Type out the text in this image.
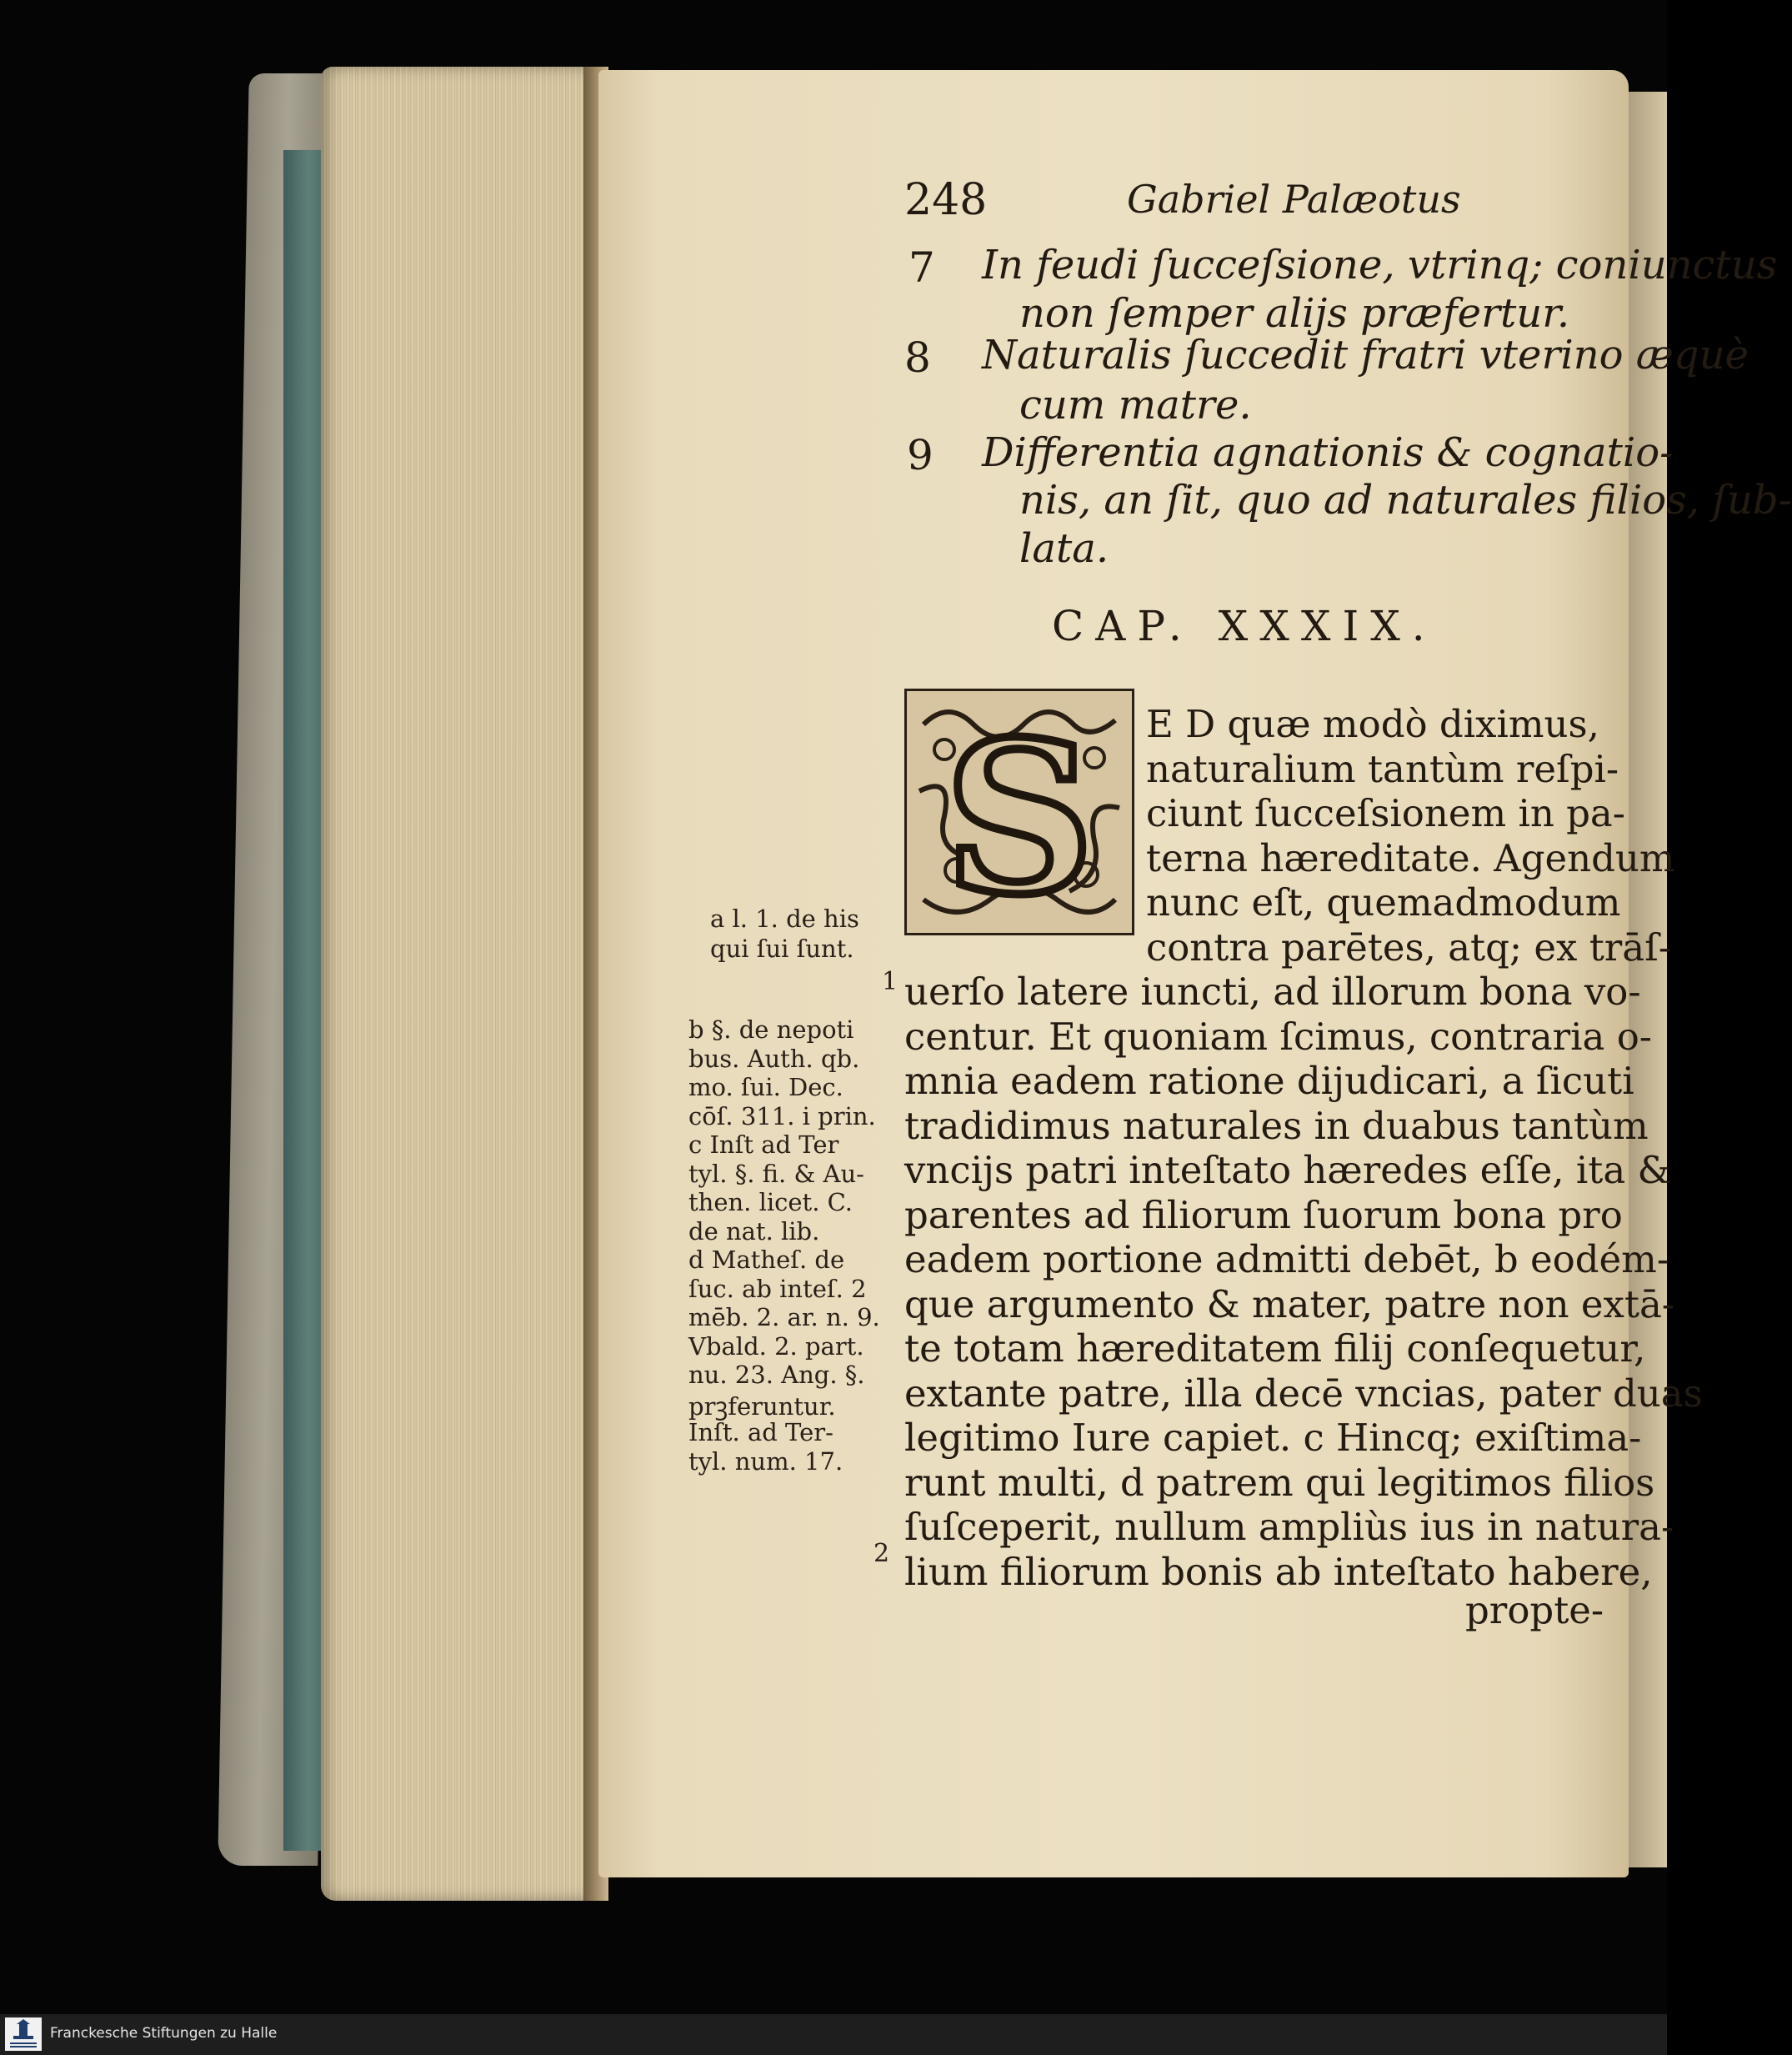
248	Gabriel Palæotus
7 In feudi ſucceſsione, vtrinq; coniunctus
non ſemper alijs præfertur.
8 Naturalis ſuccedit fratri vterino æquè
cum matre.
9 Differentia agnationis & cognatio-
nis, an ſit, quo ad naturales filios, ſub-
lata.
CAP. XXXIX.
S E D quæ modò diximus,
naturalium tantùm reſpi-
ciunt ſucceſsionem in pa-
terna hæreditate. Agendum
nunc eſt, quemadmodum
contra parētes, atq; ex trāſ-
uerſo latere iuncti, ad illorum bona vo-
centur. Et quoniam ſcimus, contraria o-
mnia eadem ratione dijudicari, a ſicuti
tradidimus naturales in duabus tantùm
vncijs patri inteſtato hæredes eſſe, ita &
parentes ad filiorum ſuorum bona pro
eadem portione admitti debēt, b eodém-
que argumento & mater, patre non extā-
te totam hæreditatem filij conſequetur,
extante patre, illa decē vncias, pater duas
legitimo Iure capiet. c Hincq; exiſtima-
runt multi, d patrem qui legitimos filios
ſuſceperit, nullum ampliùs ius in natura-
lium filiorum bonis ab inteſtato habere,
propte-
1
2
a l. 1. de his
qui ſui ſunt.
b §. de nepoti
bus. Auth. qb.
mo. ſui. Dec.
cōſ. 311. i prin.
c Inſt ad Ter
tyl. §. fi. & Au-
then. licet. C.
de nat. lib.
d Matheſ. de
ſuc. ab inteſ. 2
mēb. 2. ar. n. 9.
Vbald. 2. part.
nu. 23. Ang. §.
prꝫferuntur.
Inſt. ad Ter-
tyl. num. 17.
Franckesche Stiftungen zu Halle
